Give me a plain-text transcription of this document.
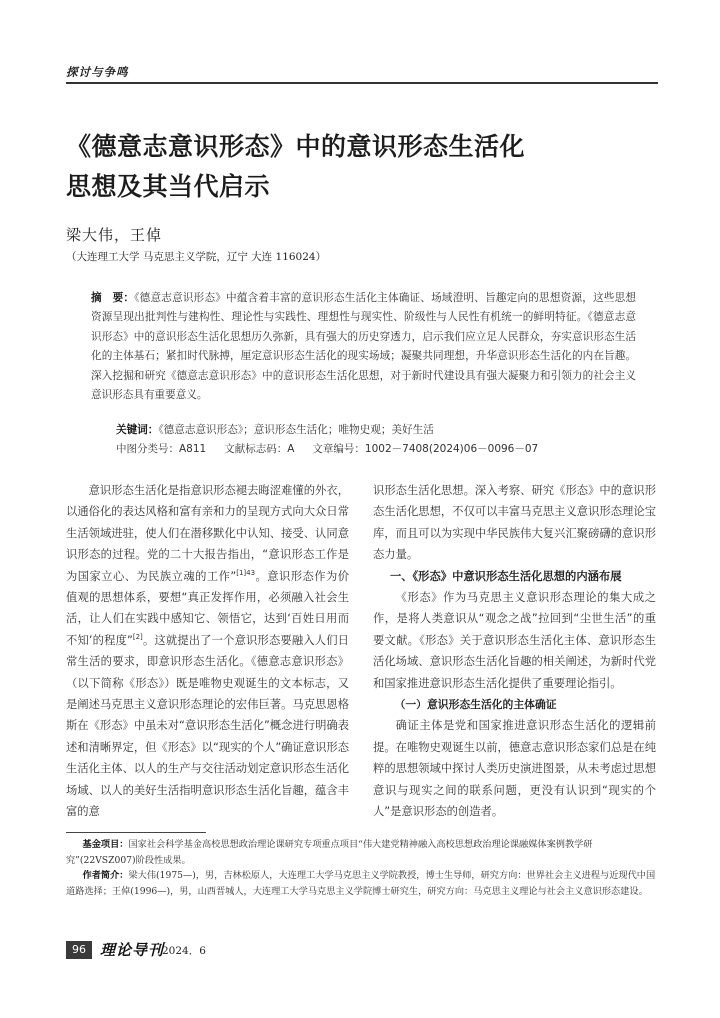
探讨与争鸣
《德意志意识形态》中的意识形态生活化
思想及其当代启示
梁大伟，王倬
（大连理工大学 马克思主义学院，辽宁 大连 116024）
摘　要：《德意志意识形态》中蕴含着丰富的意识形态生活化主体确证、场域澄明、旨趣定向的思想资源，这些思想资源呈现出批判性与建构性、理论性与实践性、理想性与现实性、阶级性与人民性有机统一的鲜明特征。《德意志意识形态》中的意识形态生活化思想历久弥新，具有强大的历史穿透力，启示我们应立足人民群众，夯实意识形态生活化的主体基石；紧扣时代脉搏，厘定意识形态生活化的现实场域；凝聚共同理想，升华意识形态生活化的内在旨趣。深入挖掘和研究《德意志意识形态》中的意识形态生活化思想，对于新时代建设具有强大凝聚力和引领力的社会主义意识形态具有重要意义。
关键词：《德意志意识形态》；意识形态生活化；唯物史观；美好生活
中图分类号：A811 文献标志码：A 文章编号：1002－7408(2024)06－0096－07

意识形态生活化是指意识形态褪去晦涩难懂的外衣，以通俗化的表达风格和富有亲和力的呈现方式向大众日常生活领域进驻，使人们在潜移默化中认知、接受、认同意识形态的过程。党的二十大报告指出，“意识形态工作是为国家立心、为民族立魂的工作”$^{[1]43}$。意识形态作为价值观的思想体系，要想“真正发挥作用，必须融入社会生活，让人们在实践中感知它、领悟它，达到‘百姓日用而不知’的程度”[2]。这就提出了一个意识形态要融入人们日常生活的要求，即意识形态生活化。《德意志意识形态》（以下简称《形态》）既是唯物史观诞生的文本标志，又是阐述马克思主义意识形态理论的宏伟巨著。马克思恩格斯在《形态》中虽未对“意识形态生活化”概念进行明确表述和清晰界定，但《形态》以“现实的个人”确证意识形态生活化主体、以人的生产与交往活动划定意识形态生活化场域、以人的美好生活指明意识形态生活化旨趣，蕴含丰富的意

识形态生活化思想。深入考察、研究《形态》中的意识形态生活化思想，不仅可以丰富马克思主义意识形态理论宝库，而且可以为实现中华民族伟大复兴汇聚磅礴的意识形态力量。

一、《形态》中意识形态生活化思想的内涵布展

《形态》作为马克思主义意识形态理论的集大成之作，是将人类意识从“观念之战”拉回到“尘世生活”的重要文献。《形态》关于意识形态生活化主体、意识形态生活化场域、意识形态生活化旨趣的相关阐述，为新时代党和国家推进意识形态生活化提供了重要理论指引。

（一）意识形态生活化的主体确证

确证主体是党和国家推进意识形态生活化的逻辑前提。在唯物史观诞生以前，德意志意识形态家们总是在纯粹的思想领域中探讨人类历史演进图景，从未考虑过思想意识与现实之间的联系问题，更没有认识到“现实的个人”是意识形态的创造者。

基金项目：国家社会科学基金高校思想政治理论课研究专项重点项目“伟大建党精神融入高校思想政治理论课融媒体案例教学研究”(22VSZ007)阶段性成果。

作者简介：梁大伟(1975—)，男，吉林松原人，大连理工大学马克思主义学院教授，博士生导师，研究方向：世界社会主义进程与近现代中国道路选择；王倬(1996—)，男，山西晋城人，大连理工大学马克思主义学院博士研究生，研究方向：马克思主义理论与社会主义意识形态建设。

96 理论导刊
2024．6
